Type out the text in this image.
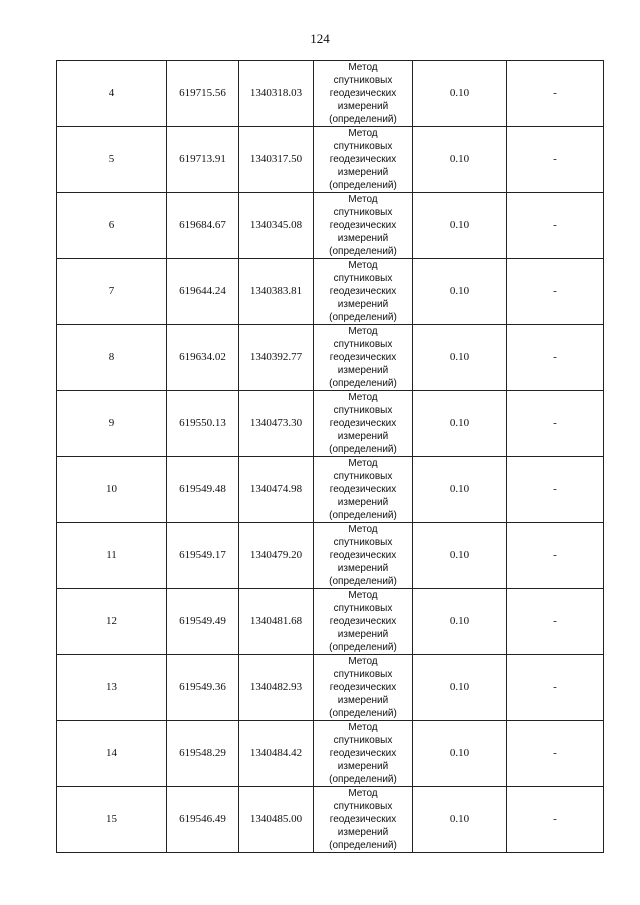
124
4	619715.56	1340318.03	Метод спутниковых геодезических измерений (определений)	0.10	-
5	619713.91	1340317.50	Метод спутниковых геодезических измерений (определений)	0.10	-
6	619684.67	1340345.08	Метод спутниковых геодезических измерений (определений)	0.10	-
7	619644.24	1340383.81	Метод спутниковых геодезических измерений (определений)	0.10	-
8	619634.02	1340392.77	Метод спутниковых геодезических измерений (определений)	0.10	-
9	619550.13	1340473.30	Метод спутниковых геодезических измерений (определений)	0.10	-
10	619549.48	1340474.98	Метод спутниковых геодезических измерений (определений)	0.10	-
11	619549.17	1340479.20	Метод спутниковых геодезических измерений (определений)	0.10	-
12	619549.49	1340481.68	Метод спутниковых геодезических измерений (определений)	0.10	-
13	619549.36	1340482.93	Метод спутниковых геодезических измерений (определений)	0.10	-
14	619548.29	1340484.42	Метод спутниковых геодезических измерений (определений)	0.10	-
15	619546.49	1340485.00	Метод спутниковых геодезических измерений (определений)	0.10	-
